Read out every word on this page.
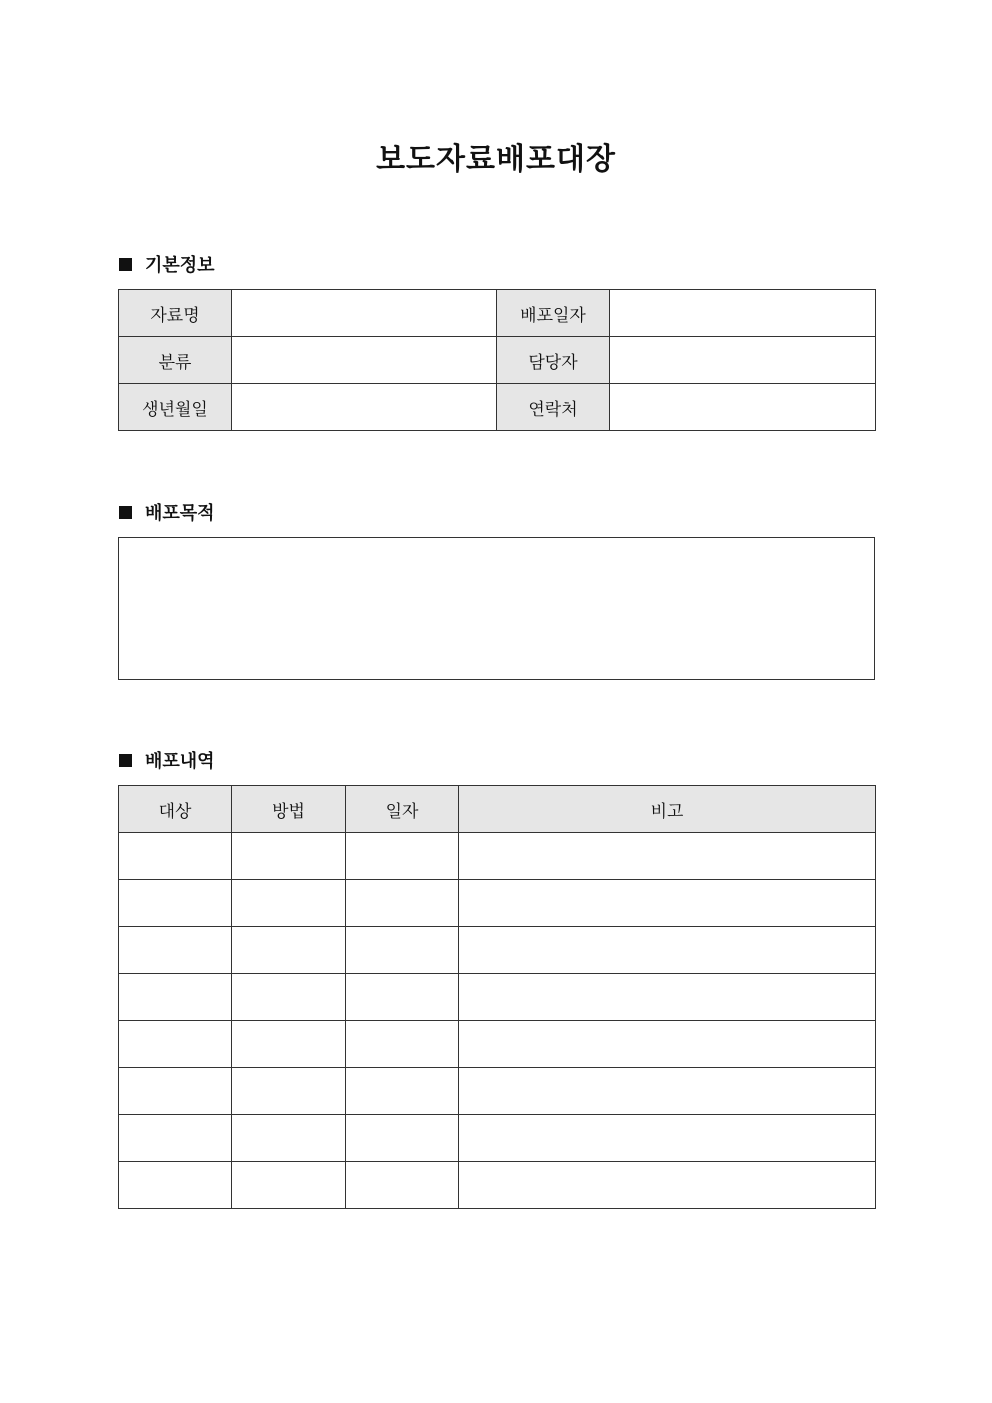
보도자료배포대장
기본정보
자료명		배포일자	
분류		담당자	
생년월일		연락처	
배포목적
배포내역
대상	방법	일자	비고
